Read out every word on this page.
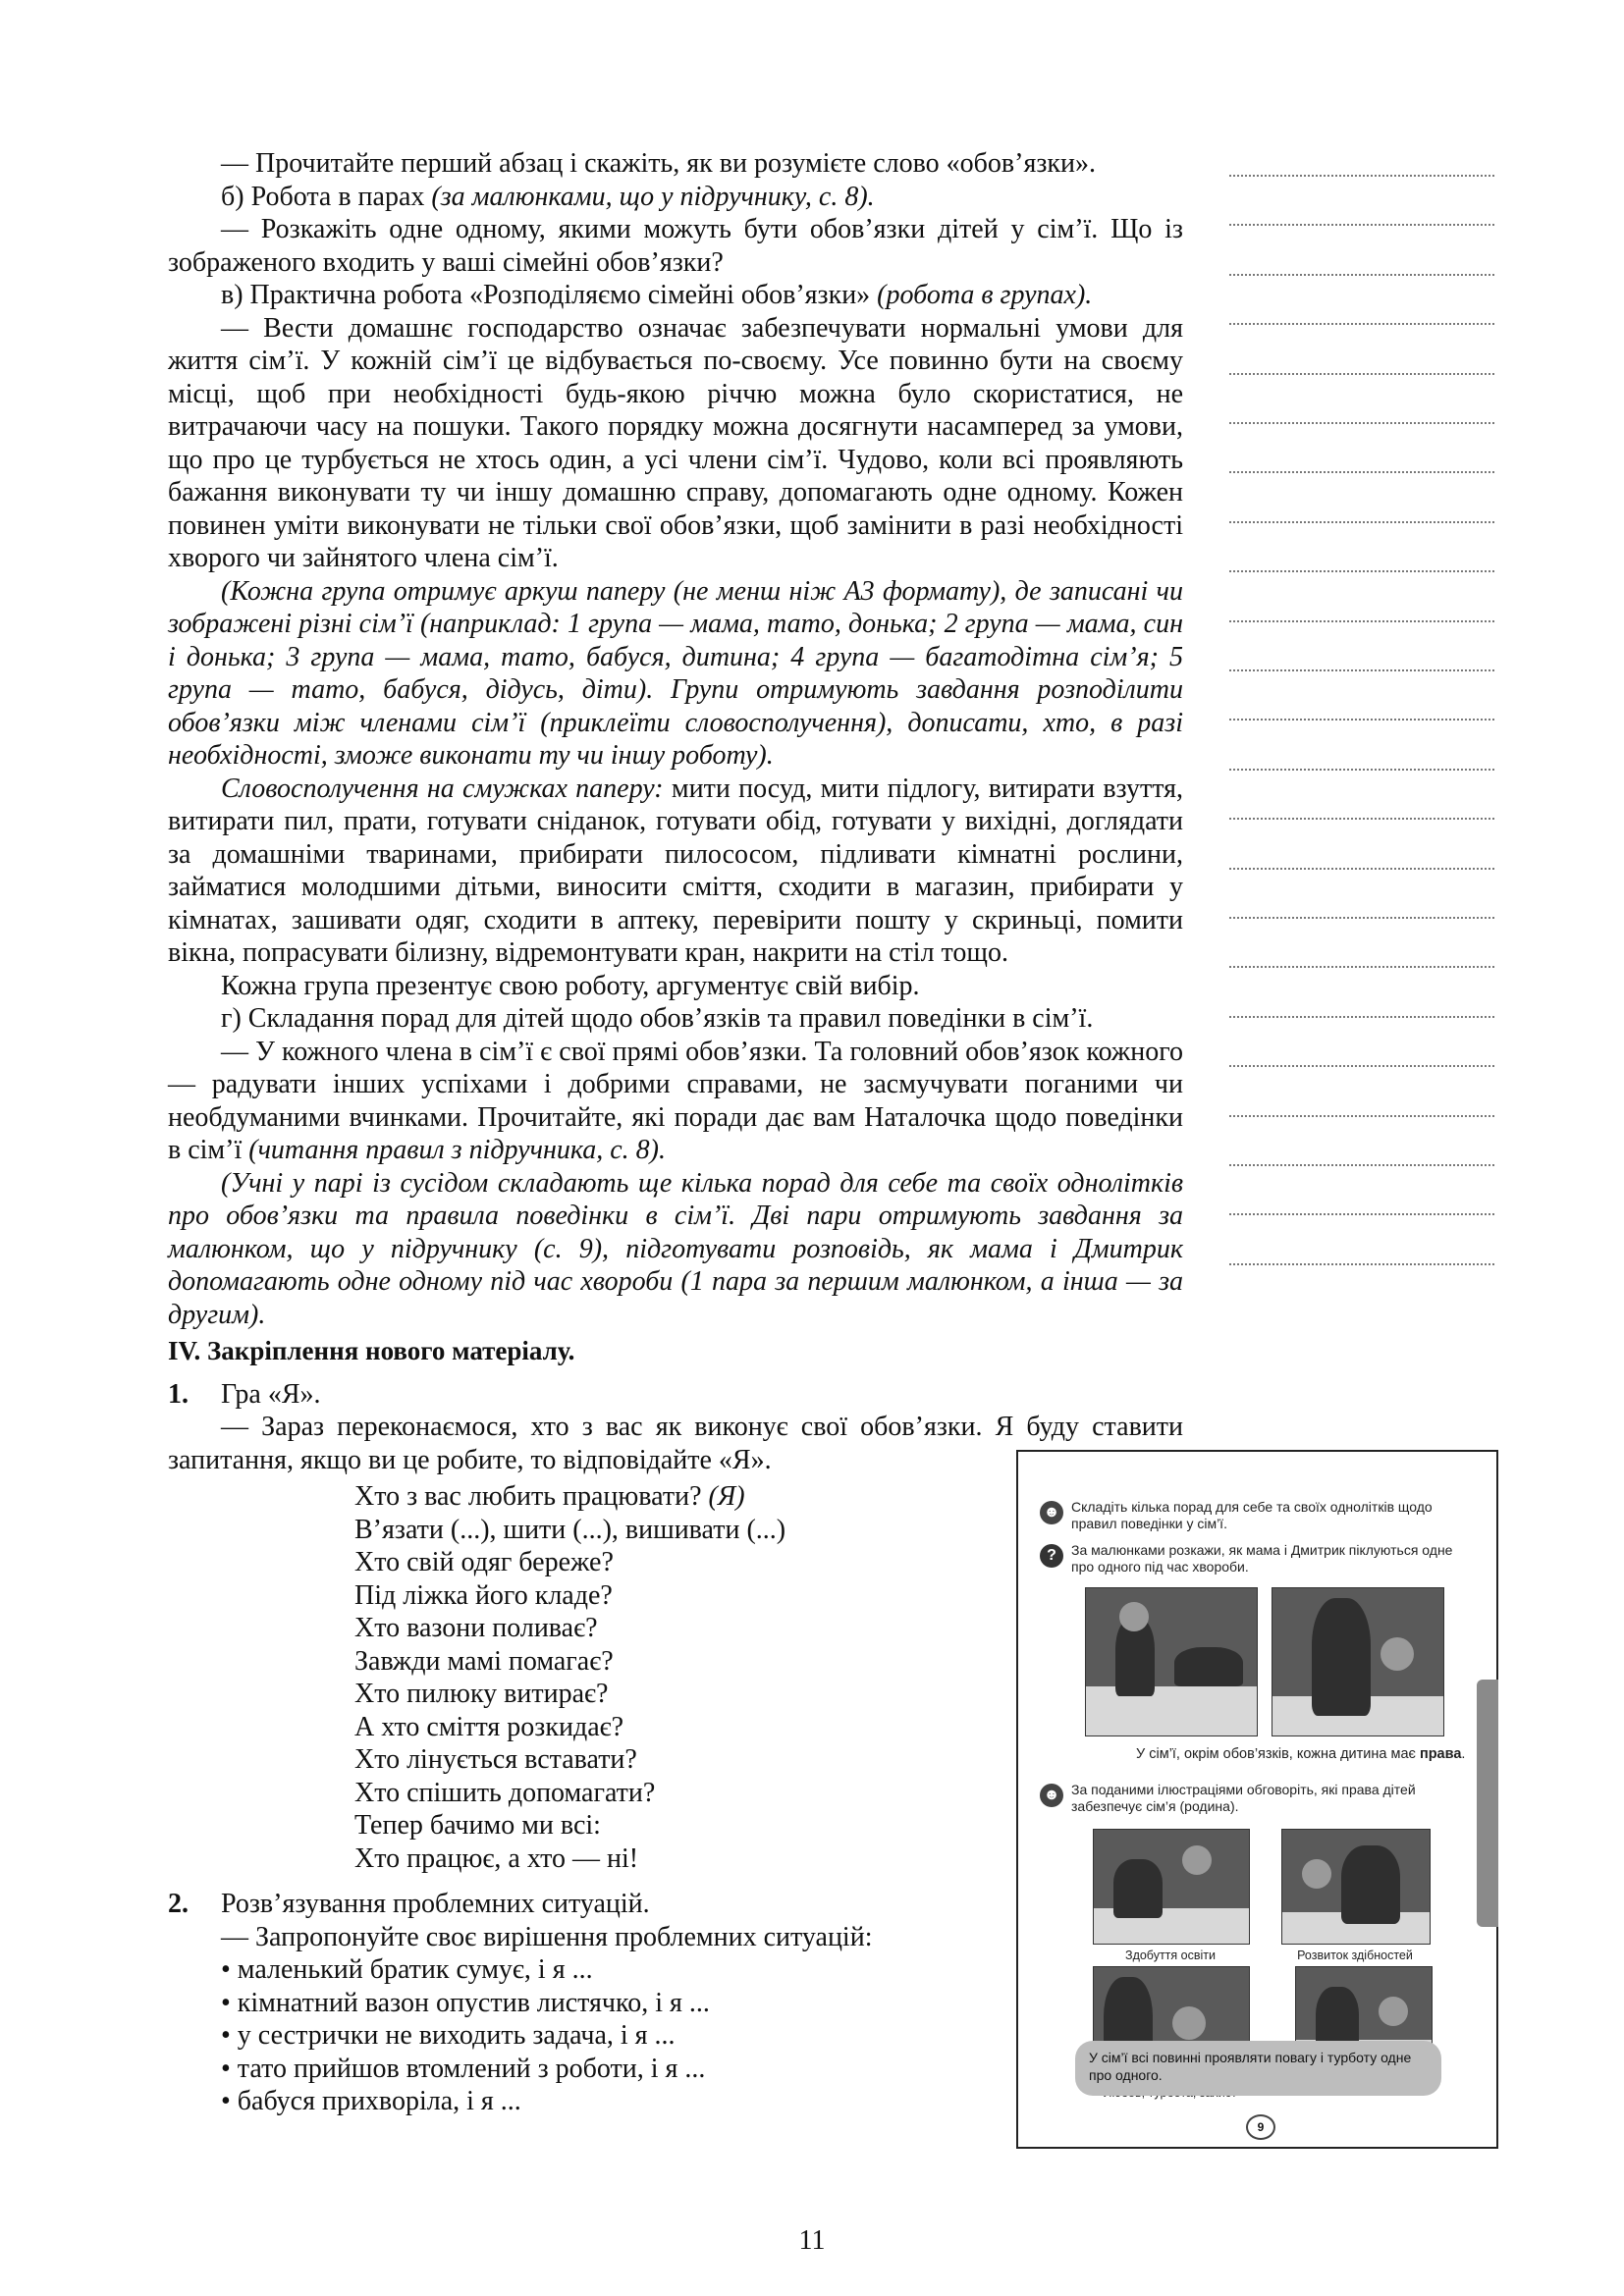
— Прочитайте перший абзац і скажіть, як ви розумієте слово «обов’язки».

б) Робота в парах (за малюнками, що у підручнику, с. 8).

— Розкажіть одне одному, якими можуть бути обов’язки дітей у сім’ї. Що із зображеного входить у ваші сімейні обов’язки?

в) Практична робота «Розподіляємо сімейні обов’язки» (робота в групах).

— Вести домашнє господарство означає забезпечувати нормальні умови для життя сім’ї. У кожній сім’ї це відбувається по-своєму. Усе повинно бути на своєму місці, щоб при необхідності будь-якою річчю можна було скористатися, не витрачаючи часу на пошуки. Такого порядку можна досягнути насамперед за умови, що про це турбується не хтось один, а усі члени сім’ї. Чудово, коли всі проявляють бажання виконувати ту чи іншу домашню справу, допомагають одне одному. Кожен повинен уміти виконувати не тільки свої обов’язки, щоб замінити в разі необхідності хворого чи зайнятого члена сім’ї.

(Кожна група отримує аркуш паперу (не менш ніж А3 формату), де записані чи зображені різні сім’ї (наприклад: 1 група — мама, тато, донька; 2 група — мама, син і донька; 3 група — мама, тато, бабуся, дитина; 4 група — багатодітна сім’я; 5 група — тато, бабуся, дідусь, діти). Групи отримують завдання розподілити обов’язки між членами сім’ї (приклеїти словосполучення), дописати, хто, в разі необхідності, зможе виконати ту чи іншу роботу).

Словосполучення на смужках паперу: мити посуд, мити підлогу, витирати взуття, витирати пил, прати, готувати сніданок, готувати обід, готувати у вихідні, доглядати за домашніми тваринами, прибирати пилососом, підливати кімнатні рослини, займатися молодшими дітьми, виносити сміття, сходити в магазин, прибирати у кімнатах, зашивати одяг, сходити в аптеку, перевірити пошту у скриньці, помити вікна, попрасувати білизну, відремонтувати кран, накрити на стіл тощо.

Кожна група презентує свою роботу, аргументує свій вибір.

г) Складання порад для дітей щодо обов’язків та правил поведінки в сім’ї.

— У кожного члена в сім’ї є свої прямі обов’язки. Та головний обов’язок кожного — радувати інших успіхами і добрими справами, не засмучувати поганими чи необдуманими вчинками. Прочитайте, які поради дає вам Наталочка щодо поведінки в сім’ї (читання правил з підручника, с. 8).

(Учні у парі із сусідом складають ще кілька порад для себе та своїх однолітків про обов’язки та правила поведінки в сім’ї. Дві пари отримують завдання за малюнком, що у підручнику (с. 9), підготувати розповідь, як мама і Дмитрик допомагають одне одному під час хвороби (1 пара за першим малюнком, а інша — за другим).

IV. Закріплення нового матеріалу.

1. Гра «Я».

— Зараз переконаємося, хто з вас як виконує свої обов’язки. Я буду ставити запитання, якщо ви це робите, то відповідайте «Я».

Хто з вас любить працювати? (Я)
В’язати (...), шити (...), вишивати (...)
Хто свій одяг береже?
Під ліжка його кладе?
Хто вазони поливає?
Завжди мамі помагає?
Хто пилюку витирає?
А хто сміття розкидає?
Хто лінується вставати?
Хто спішить допомагати?
Тепер бачимо ми всі:
Хто працює, а хто — ні!

2. Розв’язування проблемних ситуацій.

— Запропонуйте своє вирішення проблемних ситуацій:

• маленький братик сумує, і я ...

• кімнатний вазон опустив листячко, і я ...

• у сестрички не виходить задача, і я ...

• тато прийшов втомлений з роботи, і я ...

• бабуся прихворіла, і я ...

☻ Складіть кілька порад для себе та своїх однолітків щодо правил поведінки у сім’ї.
?	За малюнками розкажи, як мама і Дмитрик піклуються одне про одного під час хвороби.
У сім’ї, окрім обов’язків, кожна дитина має права.
☻ За поданими ілюстраціями обговоріть, які права дітей забезпечує сім’я (родина).
Здобуття освіти	Розвиток здібностей
9
У сім’ї всі повинні проявляти повагу і турботу одне про одного.
11
